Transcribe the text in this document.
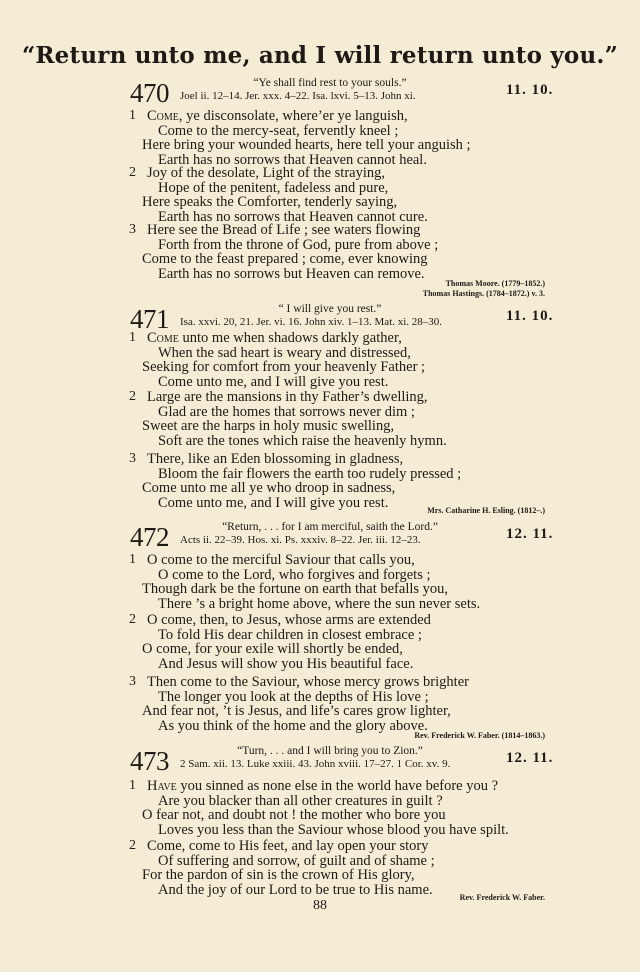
“Return unto me, and I will return unto you.”
470	“Ye shall find rest to your souls.”
Joel ii. 12–14. Jer. xxx. 4–22. Isa. lxvi. 5–13. John xi.	11. 10.
1 Come, ye disconsolate, where’er ye languish,
Come to the mercy-seat, fervently kneel ;
Here bring your wounded hearts, here tell your anguish ;
Earth has no sorrows that Heaven cannot heal.
2 Joy of the desolate, Light of the straying,
Hope of the penitent, fadeless and pure,
Here speaks the Comforter, tenderly saying,
Earth has no sorrows that Heaven cannot cure.
3 Here see the Bread of Life ; see waters flowing
Forth from the throne of God, pure from above ;
Come to the feast prepared ; come, ever knowing
Earth has no sorrows but Heaven can remove.
Thomas Moore. (1779–1852.)
Thomas Hastings. (1784–1872.) v. 3.
471	“ I will give you rest.”
Isa. xxvi. 20, 21. Jer. vi. 16. John xiv. 1–13. Mat. xi. 28–30.	11. 10.
1 Come unto me when shadows darkly gather,
When the sad heart is weary and distressed,
Seeking for comfort from your heavenly Father ;
Come unto me, and I will give you rest.
2 Large are the mansions in thy Father’s dwelling,
Glad are the homes that sorrows never dim ;
Sweet are the harps in holy music swelling,
Soft are the tones which raise the heavenly hymn.
3 There, like an Eden blossoming in gladness,
Bloom the fair flowers the earth too rudely pressed ;
Come unto me all ye who droop in sadness,
Come unto me, and I will give you rest.	Mrs. Catharine H. Esling. (1812–.)
472	“Return, . . . for I am merciful, saith the Lord.”
Acts ii. 22–39. Hos. xi. Ps. xxxiv. 8–22. Jer. iii. 12–23.	12. 11.
1 O come to the merciful Saviour that calls you,
O come to the Lord, who forgives and forgets ;
Though dark be the fortune on earth that befalls you,
There ’s a bright home above, where the sun never sets.
2 O come, then, to Jesus, whose arms are extended
To fold His dear children in closest embrace ;
O come, for your exile will shortly be ended,
And Jesus will show you His beautiful face.
3 Then come to the Saviour, whose mercy grows brighter
The longer you look at the depths of His love ;
And fear not, ’t is Jesus, and life’s cares grow lighter,
As you think of the home and the glory above.
Rev. Frederick W. Faber. (1814–1863.)
473	“Turn, . . . and I will bring you to Zion.”
2 Sam. xii. 13. Luke xxiii. 43. John xviii. 17–27. 1 Cor. xv. 9.	12. 11.
1 Have you sinned as none else in the world have before you ?
Are you blacker than all other creatures in guilt ?
O fear not, and doubt not ! the mother who bore you
Loves you less than the Saviour whose blood you have spilt.
2 Come, come to His feet, and lay open your story
Of suffering and sorrow, of guilt and of shame ;
For the pardon of sin is the crown of His glory,
And the joy of our Lord to be true to His name.	Rev. Frederick W. Faber.
88
